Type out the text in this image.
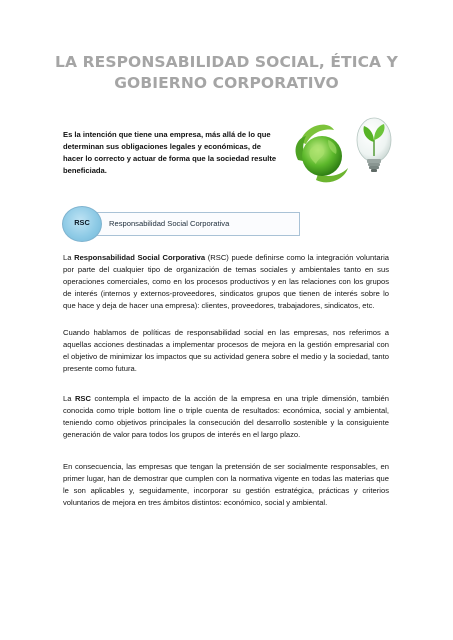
LA RESPONSABILIDAD SOCIAL, ÉTICA Y
GOBIERNO CORPORATIVO
Es la intención que tiene una empresa, más allá de lo que determinan sus obligaciones legales y económicas, de hacer lo correcto y actuar de forma que la sociedad resulte beneficiada.
Responsabilidad Social Corporativa
RSC
La Responsabilidad Social Corporativa (RSC) puede definirse como la integración voluntaria por parte del cualquier tipo de organización de temas sociales y ambientales tanto en sus operaciones comerciales, como en los procesos productivos y en las relaciones con los grupos de interés (internos y externos-proveedores, sindicatos grupos que tienen de interés sobre lo que hace y deja de hacer una empresa): clientes, proveedores, trabajadores, sindicatos, etc.
Cuando hablamos de políticas de responsabilidad social en las empresas, nos referimos a aquellas acciones destinadas a implementar procesos de mejora en la gestión empresarial con el objetivo de minimizar los impactos que su actividad genera sobre el medio y la sociedad, tanto presente como futura.
La RSC contempla el impacto de la acción de la empresa en una triple dimensión, también conocida como triple bottom line o triple cuenta de resultados: económica, social y ambiental, teniendo como objetivos principales la consecución del desarrollo sostenible y la consiguiente generación de valor para todos los grupos de interés en el largo plazo.
En consecuencia, las empresas que tengan la pretensión de ser socialmente responsables, en primer lugar, han de demostrar que cumplen con la normativa vigente en todas las materias que le son aplicables y, seguidamente, incorporar su gestión estratégica, prácticas y criterios voluntarios de mejora en tres ámbitos distintos: económico, social y ambiental.
